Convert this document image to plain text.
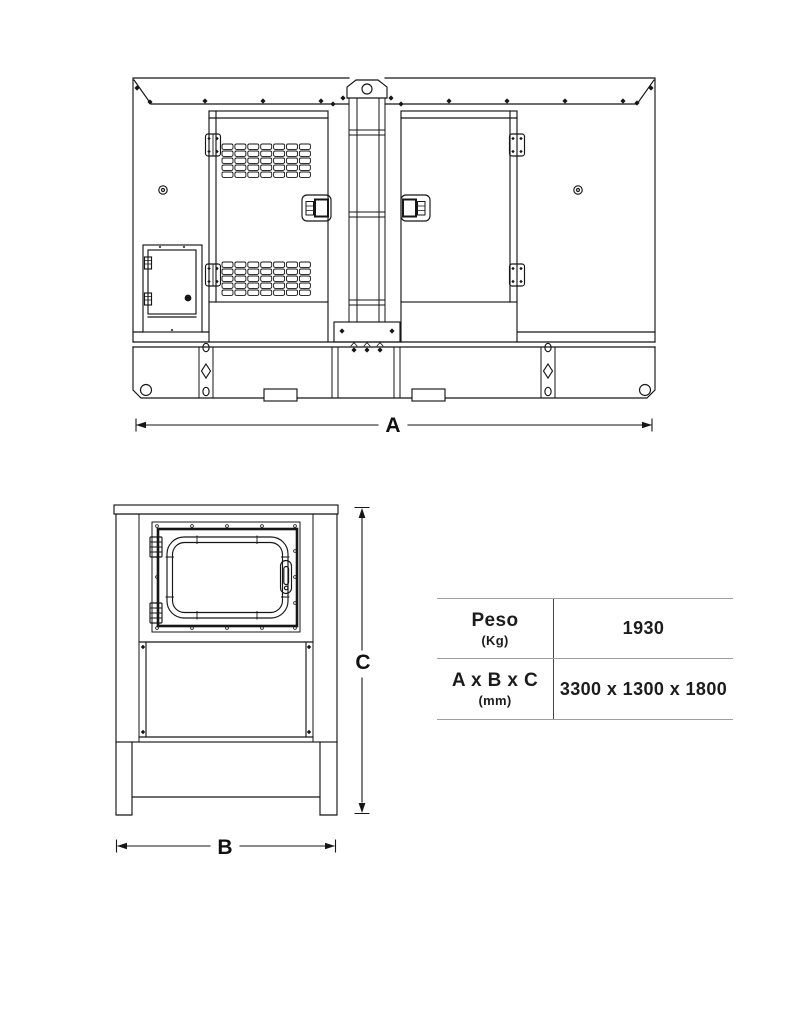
A
C
B
Peso
(Kg)
1930
A x B x C
(mm)
3300 x 1300 x 1800
